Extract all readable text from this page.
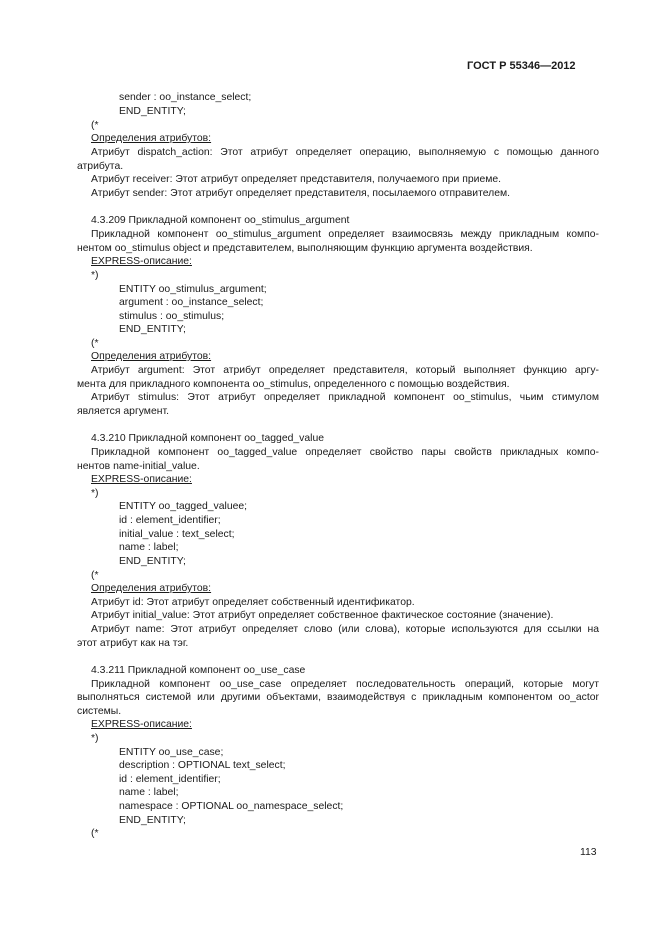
ГОСТ Р 55346—2012
sender : oo_instance_select;
END_ENTITY;
(*
Определения атрибутов:
Атрибут dispatch_action: Этот атрибут определяет операцию, выполняемую с помощью данного
атрибута.
Атрибут receiver: Этот атрибут определяет представителя, получаемого при приеме.
Атрибут sender: Этот атрибут определяет представителя, посылаемого отправителем.
4.3.209 Прикладной компонент oo_stimulus_argument
Прикладной компонент oo_stimulus_argument определяет взаимосвязь между прикладным компо-
нентом oo_stimulus object и представителем, выполняющим функцию аргумента воздействия.
EXPRESS-описание:
*)
ENTITY oo_stimulus_argument;
argument : oo_instance_select;
stimulus : oo_stimulus;
END_ENTITY;
(*
Определения атрибутов:
Атрибут argument: Этот атрибут определяет представителя, который выполняет функцию аргу-
мента для прикладного компонента oo_stimulus, определенного с помощью воздействия.
Атрибут stimulus: Этот атрибут определяет прикладной компонент oo_stimulus, чьим стимулом
является аргумент.
4.3.210 Прикладной компонент oo_tagged_value
Прикладной компонент oo_tagged_value определяет свойство пары свойств прикладных компо-
нентов name-initial_value.
EXPRESS-описание:
*)
ENTITY oo_tagged_valuee;
id : element_identifier;
initial_value : text_select;
name : label;
END_ENTITY;
(*
Определения атрибутов:
Атрибут id: Этот атрибут определяет собственный идентификатор.
Атрибут initial_value: Этот атрибут определяет собственное фактическое состояние (значение).
Атрибут name: Этот атрибут определяет слово (или слова), которые используются для ссылки на
этот атрибут как на тэг.
4.3.211 Прикладной компонент oo_use_case
Прикладной компонент oo_use_case определяет последовательность операций, которые могут
выполняться системой или другими объектами, взаимодействуя с прикладным компонентом oo_actor
системы.
EXPRESS-описание:
*)
ENTITY oo_use_case;
description : OPTIONAL text_select;
id : element_identifier;
name : label;
namespace : OPTIONAL oo_namespace_select;
END_ENTITY;
(*
113
